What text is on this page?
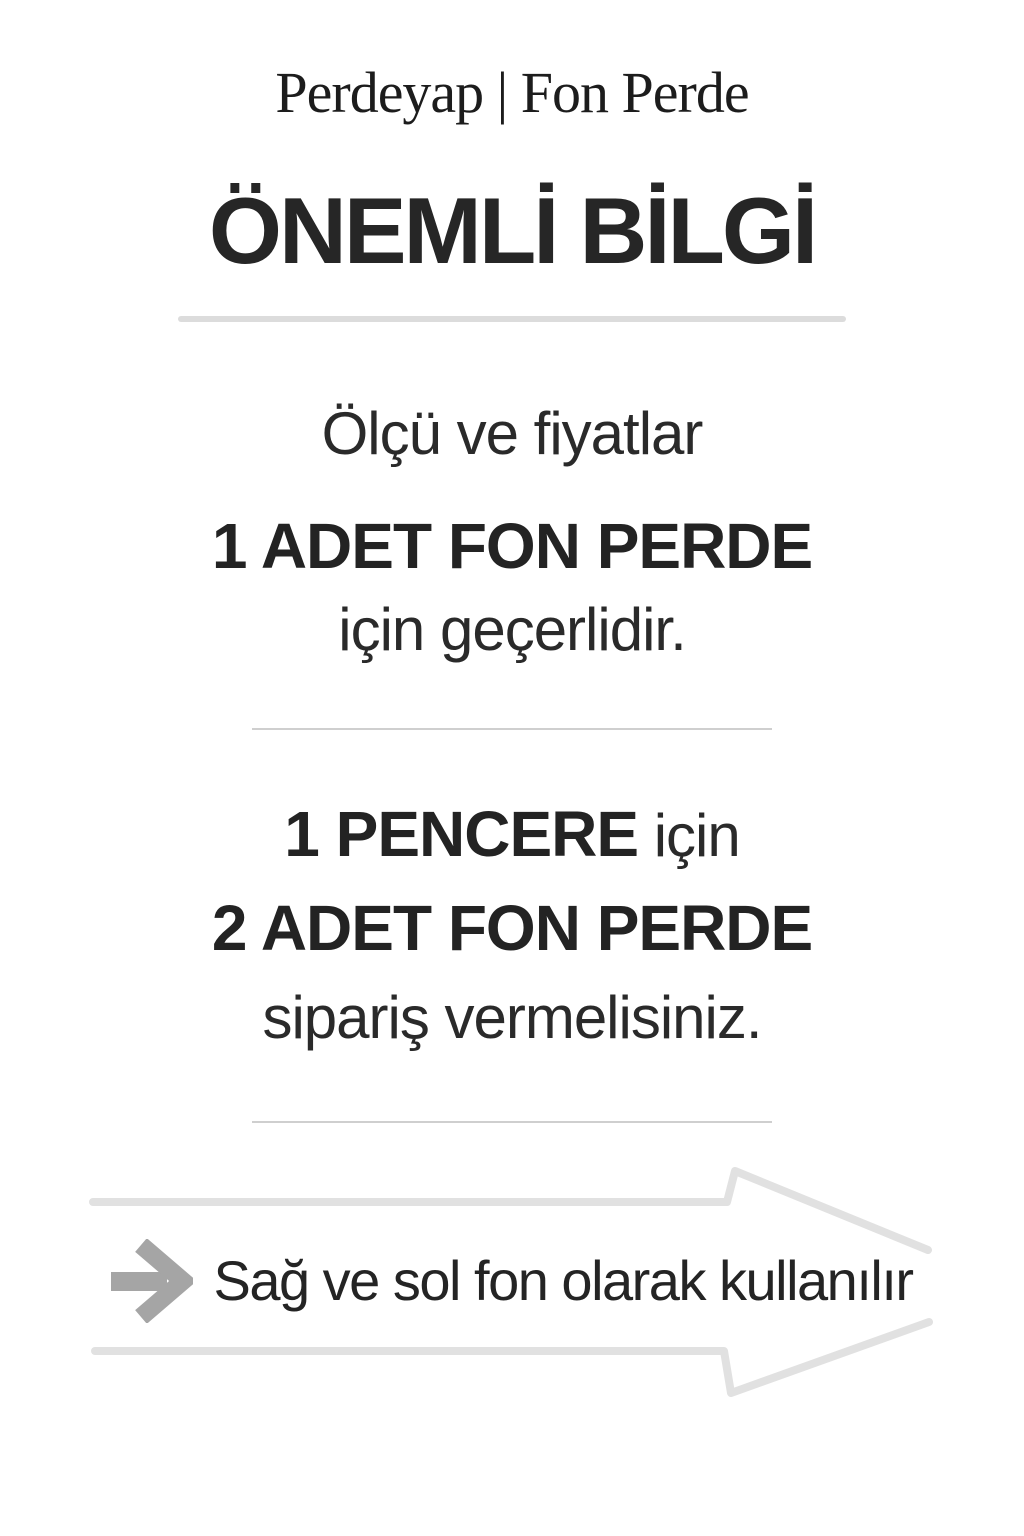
Perdeyap | Fon Perde
ÖNEMLİ BİLGİ
Ölçü ve fiyatlar
1 ADET FON PERDE
için geçerlidir.
1 PENCERE için
2 ADET FON PERDE
sipariş vermelisiniz.
Sağ ve sol fon olarak kullanılır
